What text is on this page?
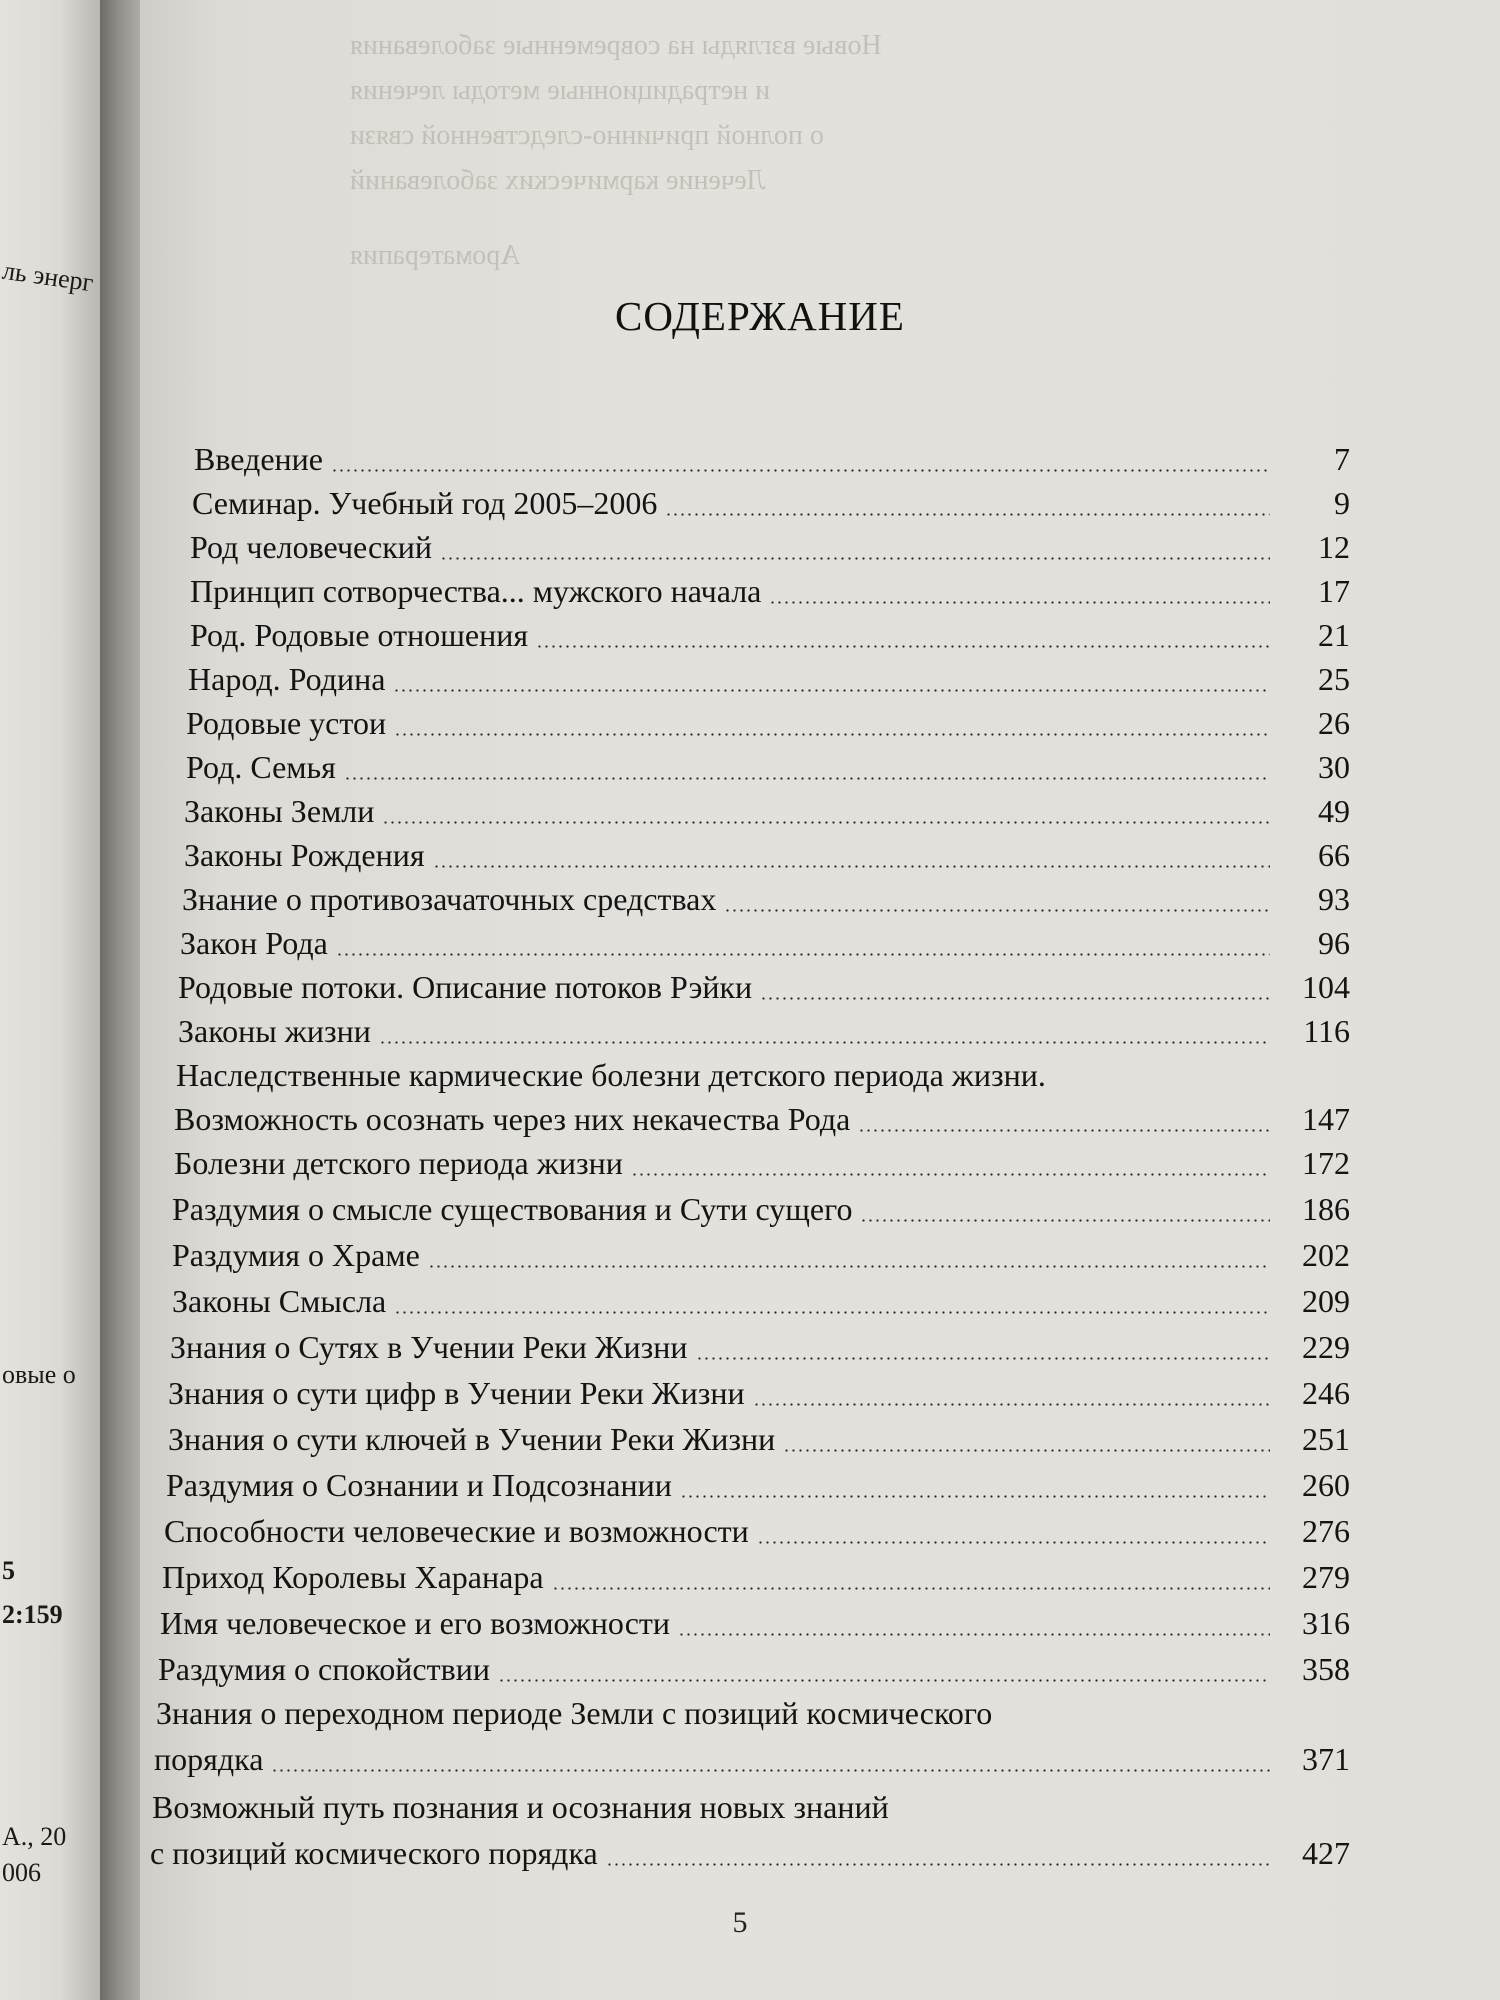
ль энерг
овые о
5
2:159
А., 20
006
Новые взгляды на современные заболевания
и нетрадиционные методы лечения
о полной причинно-следственной связи
Лечение кармических заболеваний
Ароматерапия
СОДЕРЖАНИЕ
Введение	7
Семинар. Учебный год 2005–2006	9
Род человеческий	12
Принцип сотворчества... мужского начала	17
Род. Родовые отношения	21
Народ. Родина	25
Родовые устои	26
Род. Семья	30
Законы Земли	49
Законы Рождения	66
Знание о противозачаточных средствах	93
Закон Рода	96
Родовые потоки. Описание потоков Рэйки	104
Законы жизни	116
Наследственные кармические болезни детского периода жизни.
Возможность осознать через них некачества Рода	147
Болезни детского периода жизни	172
Раздумия о смысле существования и Сути сущего	186
Раздумия о Храме	202
Законы Смысла	209
Знания о Сутях в Учении Реки Жизни	229
Знания о сути цифр в Учении Реки Жизни	246
Знания о сути ключей в Учении Реки Жизни	251
Раздумия о Сознании и Подсознании	260
Способности человеческие и возможности	276
Приход Королевы Харанара	279
Имя человеческое и его возможности	316
Раздумия о спокойствии	358
Знания о переходном периоде Земли с позиций космического
порядка	371
Возможный путь познания и осознания новых знаний
с позиций космического порядка	427
5
